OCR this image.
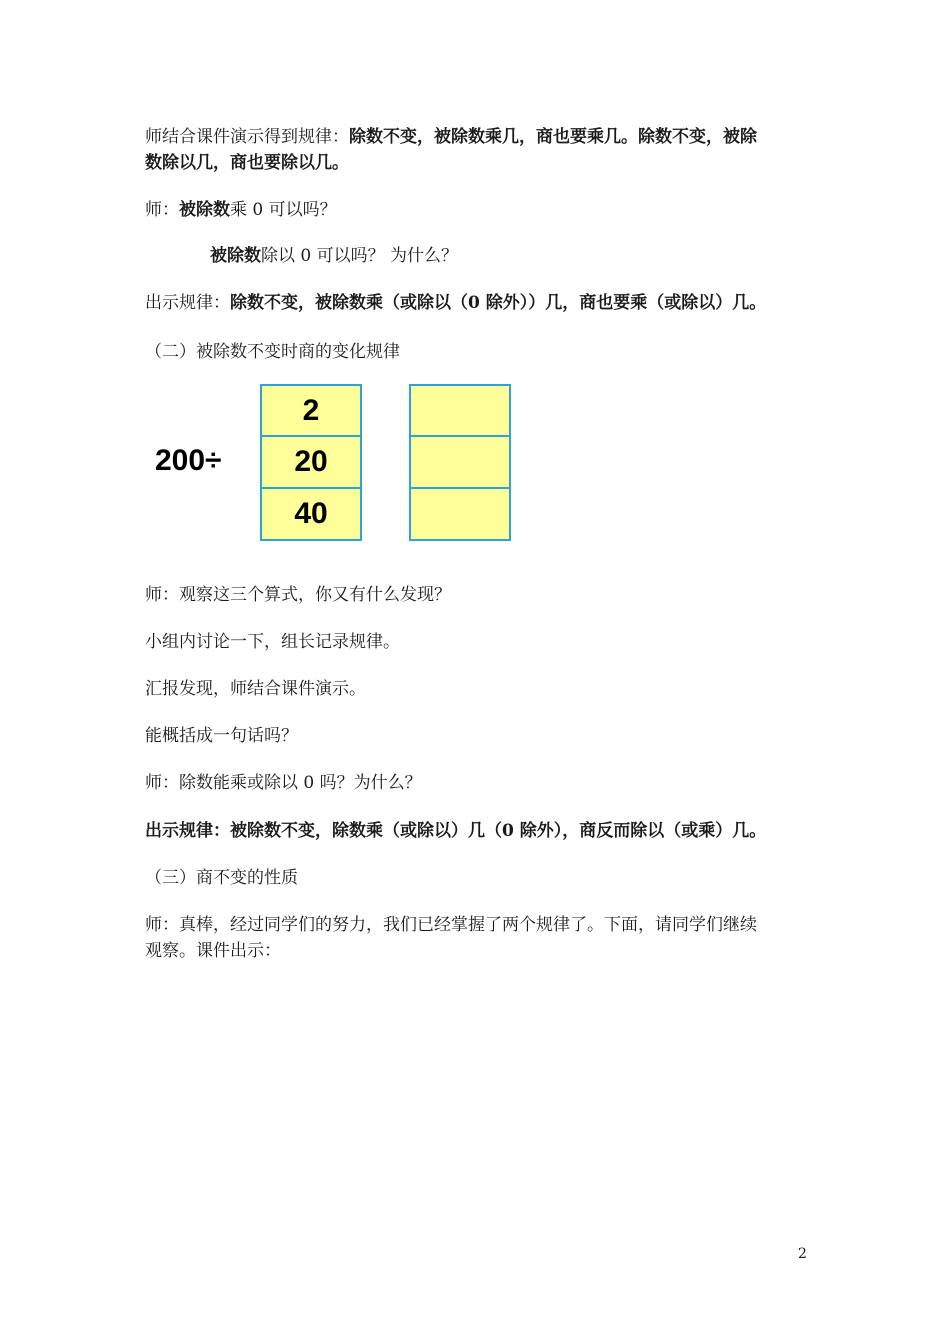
师结合课件演示得到规律：除数不变，被除数乘几，商也要乘几。除数不变，被除
数除以几，商也要除以几。
师：被除数乘 0 可以吗？
被除数除以 0 可以吗？ 为什么？
出示规律：除数不变，被除数乘（或除以（0 除外））几，商也要乘（或除以）几。
（二）被除数不变时商的变化规律
200÷
2
20
40
师：观察这三个算式，你又有什么发现？
小组内讨论一下，组长记录规律。
汇报发现，师结合课件演示。
能概括成一句话吗？
师：除数能乘或除以 0 吗？为什么？
出示规律：被除数不变，除数乘（或除以）几（0 除外），商反而除以（或乘）几。
（三）商不变的性质
师：真棒，经过同学们的努力，我们已经掌握了两个规律了。下面，请同学们继续
观察。课件出示：
2
